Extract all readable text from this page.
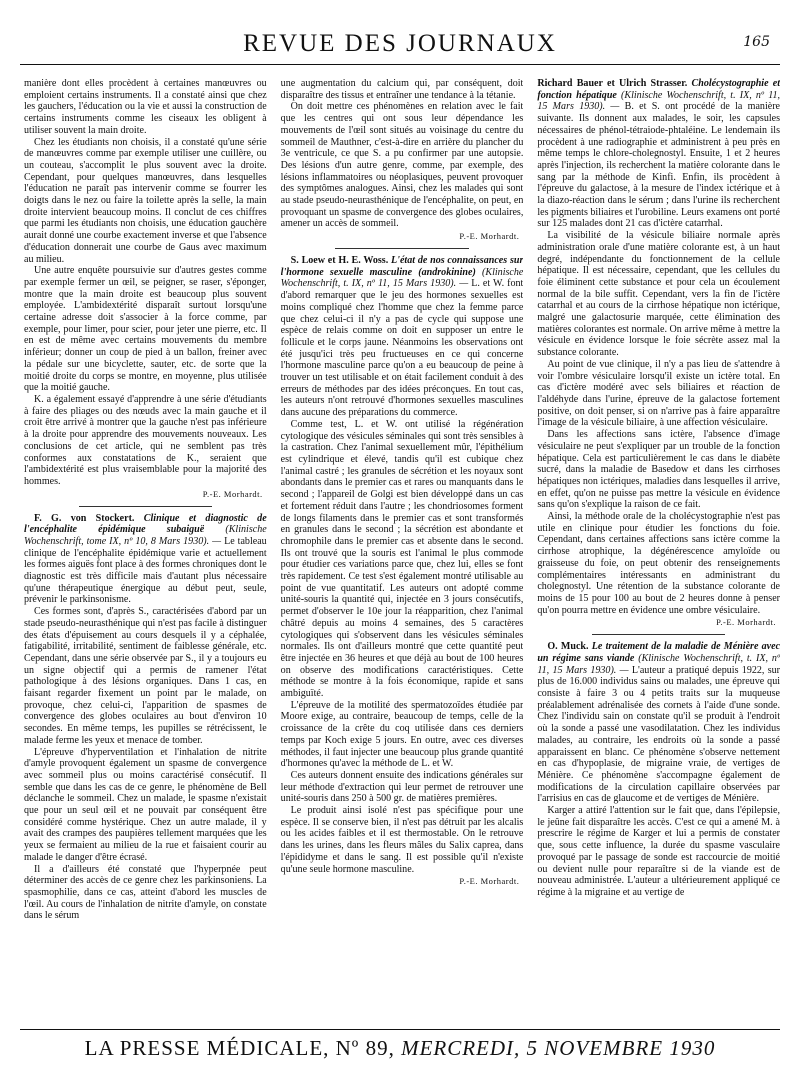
REVUE DES JOURNAUX	165

manière dont elles procèdent à certaines manœuvres ou emploient certains instruments. Il a constaté ainsi que chez les gauchers, l'éducation ou la vie et aussi la construction de certains instruments comme les ciseaux les obligent à utiliser souvent la main droite.

Chez les étudiants non choisis, il a constaté qu'une série de manœuvres comme par exemple utiliser une cuillère, ou un couteau, s'accomplit le plus souvent avec la droite. Cependant, pour quelques manœuvres, dans lesquelles l'éducation ne paraît pas intervenir comme se fourrer les doigts dans le nez ou faire la toilette après la selle, la main droite intervient beaucoup moins. Il conclut de ces chiffres que parmi les étudiants non choisis, une éducation gauchère aurait donné une courbe exactement inverse et que l'absence d'éducation donnerait une courbe de Gaus avec maximum au milieu.

Une autre enquête poursuivie sur d'autres gestes comme par exemple fermer un œil, se peigner, se raser, s'éponger, montre que la main droite est beaucoup plus souvent employée. L'ambidextérité disparaît surtout lorsqu'une certaine adresse doit s'associer à la force comme, par exemple, pour limer, pour scier, pour jeter une pierre, etc. Il en est de même avec certains mouvements du membre inférieur; donner un coup de pied à un ballon, freiner avec la pédale sur une bicyclette, sauter, etc. de sorte que la moitié droite du corps se montre, en moyenne, plus utilisée que la moitié gauche.

K. a également essayé d'apprendre à une série d'étudiants à faire des pliages ou des nœuds avec la main gauche et il croit être arrivé à montrer que la gauche n'est pas inférieure à la droite pour apprendre des mouvements nouveaux. Les conclusions de cet article, qui ne semblent pas très conformes aux constatations de K., seraient que l'ambidextérité est plus vraisemblable pour la majorité des hommes.

P.-E. Morhardt.

F. G. von Stockert. Clinique et diagnostic de l'encéphalite épidémique subaiguë (Klinische Wochenschrift, tome IX, nº 10, 8 Mars 1930). — Le tableau clinique de l'encéphalite épidémique varie et actuellement les formes aiguës font place à des formes chroniques dont le diagnostic est très difficile mais d'autant plus nécessaire qu'une thérapeutique énergique au début peut, seule, prévenir le parkinsonisme.

Ces formes sont, d'après S., caractérisées d'abord par un stade pseudo-neurasthénique qui n'est pas facile à distinguer des états d'épuisement au cours desquels il y a céphalée, fatigabilité, irritabilité, sentiment de faiblesse générale, etc. Cependant, dans une série observée par S., il y a toujours eu un signe objectif qui a permis de ramener l'état pathologique à des lésions organiques. Dans 1 cas, en faisant regarder fixement un point par le malade, on provoque, chez celui-ci, l'apparition de spasmes de convergence des globes oculaires au bout d'environ 10 secondes. En même temps, les pupilles se rétrécissent, le malade ferme les yeux et menace de tomber.

L'épreuve d'hyperventilation et l'inhalation de nitrite d'amyle provoquent également un spasme de convergence avec sommeil plus ou moins caractérisé consécutif. Il semble que dans les cas de ce genre, le phénomène de Bell déclanche le sommeil. Chez un malade, le spasme n'existait que pour un seul œil et ne pouvait par conséquent être considéré comme hystérique. Chez un autre malade, il y avait des crampes des paupières tellement marquées que les yeux se fermaient au milieu de la rue et faisaient courir au malade le danger d'être écrasé.

Il a d'ailleurs été constaté que l'hyperpnée peut déterminer des accès de ce genre chez les parkinsoniens. La spasmophilie, dans ce cas, atteint d'abord les muscles de l'œil. Au cours de l'inhalation de nitrite d'amyle, on constate dans le sérum

une augmentation du calcium qui, par conséquent, doit disparaître des tissus et entraîner une tendance à la tétanie.

On doit mettre ces phénomènes en relation avec le fait que les centres qui ont sous leur dépendance les mouvements de l'œil sont situés au voisinage du centre du sommeil de Mauthner, c'est-à-dire en arrière du plancher du 3e ventricule, ce que S. a pu confirmer par une autopsie. Des lésions d'un autre genre, comme, par exemple, des lésions inflammatoires ou néoplasiques, peuvent provoquer des symptômes analogues. Ainsi, chez les malades qui sont au stade pseudo-neurasthénique de l'encéphalite, on peut, en provoquant un spasme de convergence des globes oculaires, amener un accès de sommeil.

P.-E. Morhardt.

S. Loew et H. E. Woss. L'état de nos connaissances sur l'hormone sexuelle masculine (androkinine) (Klinische Wochenschrift, t. IX, nº 11, 15 Mars 1930). — L. et W. font d'abord remarquer que le jeu des hormones sexuelles est moins compliqué chez l'homme que chez la femme parce que chez celui-ci il n'y a pas de cycle qui suppose une espèce de relais comme on doit en supposer un entre le follicule et le corps jaune. Néanmoins les observations ont été jusqu'ici très peu fructueuses en ce qui concerne l'hormone masculine parce qu'on a eu beaucoup de peine à trouver un test utilisable et on était facilement conduit à des erreurs de méthodes par des idées préconçues. En tout cas, les auteurs n'ont retrouvé d'hormones sexuelles masculines dans aucune des préparations du commerce.

Comme test, L. et W. ont utilisé la régénération cytologique des vésicules séminales qui sont très sensibles à la castration. Chez l'animal sexuellement mûr, l'épithélium est cylindrique et élevé, tandis qu'il est cubique chez l'animal castré ; les granules de sécrétion et les noyaux sont abondants dans le premier cas et rares ou manquants dans le second ; l'appareil de Golgi est bien développé dans un cas et fortement réduit dans l'autre ; les chondriosomes forment de longs filaments dans le premier cas et sont transformés en granules dans le second ; la sécrétion est abondante et chromophile dans le premier cas et absente dans le second. Ils ont trouvé que la souris est l'animal le plus commode pour étudier ces variations parce que, chez lui, elles se font très rapidement. Ce test s'est également montré utilisable au point de vue quantitatif. Les auteurs ont adopté comme unité-souris la quantité qui, injectée en 3 jours consécutifs, permet d'observer le 10e jour la réapparition, chez l'animal châtré depuis au moins 4 semaines, des 5 caractères cytologiques qui s'observent dans les vésicules séminales normales. Ils ont d'ailleurs montré que cette quantité peut être injectée en 36 heures et que déjà au bout de 100 heures on observe des modifications caractéristiques. Cette méthode se montre à la fois économique, rapide et sans ambiguïté.

L'épreuve de la motilité des spermatozoïdes étudiée par Moore exige, au contraire, beaucoup de temps, celle de la croissance de la crête du coq utilisée dans ces derniers temps par Koch exige 5 jours. En outre, avec ces diverses méthodes, il faut injecter une beaucoup plus grande quantité d'hormones qu'avec la méthode de L. et W.

Ces auteurs donnent ensuite des indications générales sur leur méthode d'extraction qui leur permet de retrouver une unité-souris dans 250 à 500 gr. de matières premières.

Le produit ainsi isolé n'est pas spécifique pour une espèce. Il se conserve bien, il n'est pas détruit par les alcalis ou les acides faibles et il est thermostable. On le retrouve dans les urines, dans les fleurs mâles du Salix caprea, dans l'épididyme et dans le sang. Il est possible qu'il n'existe qu'une seule hormone masculine.

P.-E. Morhardt.

Richard Bauer et Ulrich Strasser. Cholécystographie et fonction hépatique (Klinische Wochenschrift, t. IX, nº 11, 15 Mars 1930). — B. et S. ont procédé de la manière suivante. Ils donnent aux malades, le soir, les capsules nécessaires de phénol-tétraiode-phtaléine. Le lendemain ils procèdent à une radiographie et administrent à peu près en même temps le chlore-cholegnostyl. Ensuite, 1 et 2 heures après l'injection, ils recherchent la matière colorante dans le sang par la méthode de Kinfi. Enfin, ils procèdent à l'épreuve du galactose, à la mesure de l'index ictérique et à la diazo-réaction dans le sérum ; dans l'urine ils recherchent les pigments biliaires et l'urobiline. Leurs examens ont porté sur 125 malades dont 21 cas d'ictère catarrhal.

La visibilité de la vésicule biliaire normale après administration orale d'une matière colorante est, à un haut degré, indépendante du fonctionnement de la cellule hépatique. Il est nécessaire, cependant, que les cellules du foie éliminent cette substance et pour cela un écoulement normal de la bile suffit. Cependant, vers la fin de l'ictère catarrhal et au cours de la cirrhose hépatique non ictérique, malgré une galactosurie marquée, cette élimination des matières colorantes est normale. On arrive même à mettre la vésicule en évidence lorsque le foie sécrète assez mal la substance colorante.

Au point de vue clinique, il n'y a pas lieu de s'attendre à voir l'ombre vésiculaire lorsqu'il existe un ictère total. En cas d'ictère modéré avec sels biliaires et réaction de l'aldéhyde dans l'urine, épreuve de la galactose fortement positive, on doit penser, si on n'arrive pas à faire apparaître l'image de la vésicule biliaire, à une affection vésiculaire.

Dans les affections sans ictère, l'absence d'image vésiculaire ne peut s'expliquer par un trouble de la fonction hépatique. Cela est particulièrement le cas dans le diabète sucré, dans la maladie de Basedow et dans les cirrhoses hépatiques non ictériques, maladies dans lesquelles il arrive, en effet, qu'on ne puisse pas mettre la vésicule en évidence sans qu'on s'explique la raison de ce fait.

Ainsi, la méthode orale de la cholécystographie n'est pas utile en clinique pour étudier les fonctions du foie. Cependant, dans certaines affections sans ictère comme la cirrhose atrophique, la dégénérescence amyloïde ou graisseuse du foie, on peut obtenir des renseignements complémentaires intéressants en administrant du cholegnostyl. Une rétention de la substance colorante de moins de 15 pour 100 au bout de 2 heures donne à penser qu'on pourra mettre en évidence une ombre vésiculaire.

P.-E. Morhardt.

O. Muck. Le traitement de la maladie de Ménière avec un régime sans viande (Klinische Wochenschrift, t. IX, nº 11, 15 Mars 1930). — L'auteur a pratiqué depuis 1922, sur plus de 16.000 individus sains ou malades, une épreuve qui consiste à faire 3 ou 4 petits traits sur la muqueuse préalablement adrénalisée des cornets à l'aide d'une sonde. Chez l'individu sain on constate qu'il se produit à l'endroit où la sonde a passé une vasodilatation. Chez les individus malades, au contraire, les endroits où la sonde a passé apparaissent en blanc. Ce phénomène s'observe nettement en cas d'hypoplasie, de migraine vraie, de vertiges de Ménière. Ce phénomène s'accompagne également de modifications de la circulation capillaire observées par l'arrisius en cas de glaucome et de vertiges de Ménière.

Karger a attiré l'attention sur le fait que, dans l'épilepsie, le jeûne fait disparaître les accès. C'est ce qui a amené M. à prescrire le régime de Karger et lui a permis de constater que, sous cette influence, la durée du spasme vasculaire provoqué par le passage de sonde est raccourcie de moitié ou devient nulle pour reparaître si de la viande est de nouveau administrée. L'auteur a ultérieurement appliqué ce régime à la migraine et au vertige de

LA PRESSE MÉDICALE, Nº 89, MERCREDI, 5 NOVEMBRE 1930
